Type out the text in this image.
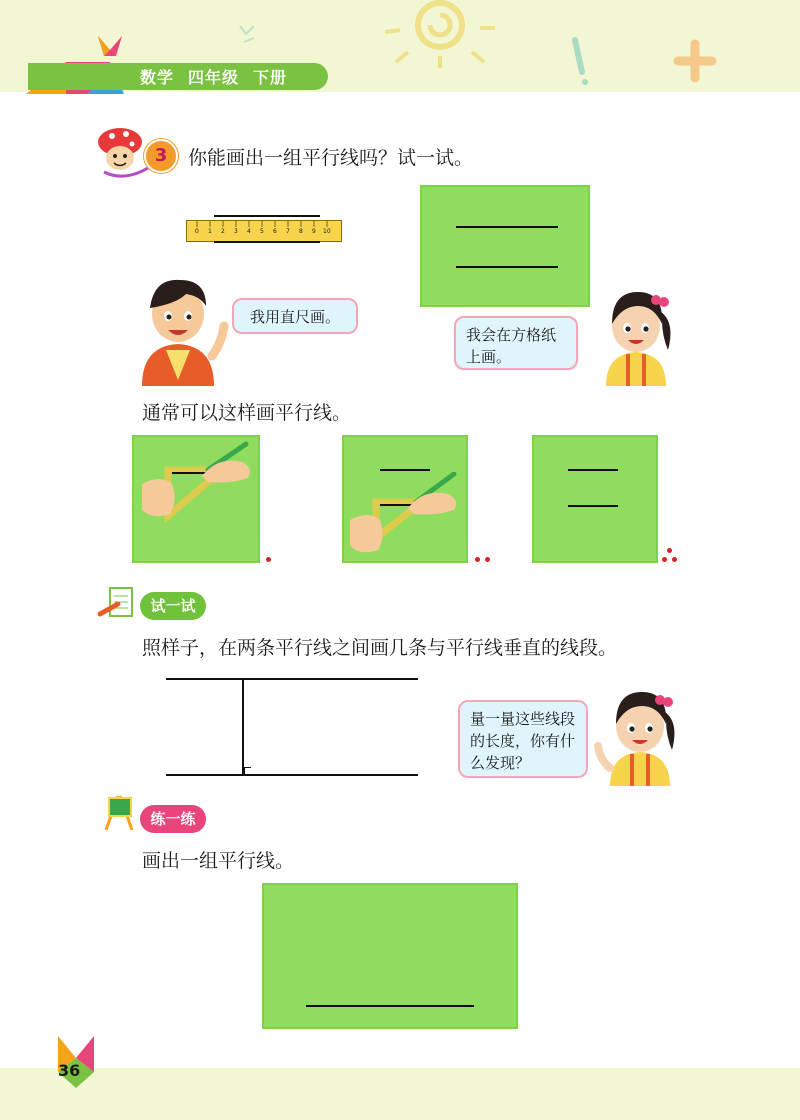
数学 四年级 下册
3	你能画出一组平行线吗？试一试。
0 1 2 3 4 5 6 7 8 9 10
我用直尺画。
我会在方格纸上画。
通常可以这样画平行线。
试一试
照样子，在两条平行线之间画几条与平行线垂直的线段。
量一量这些线段的长度，你有什么发现？
练一练
画出一组平行线。
36
